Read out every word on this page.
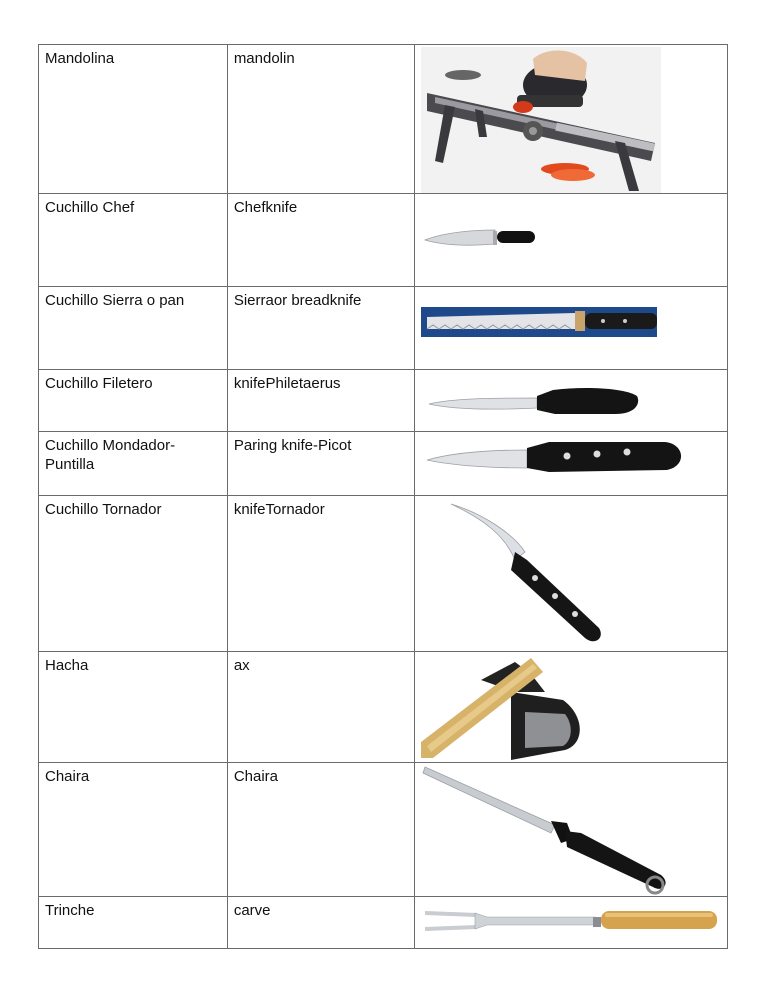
Mandolina	mandolin	

Cuchillo Chef	Chefknife	

Cuchillo Sierra o pan	Sierraor breadknife	

Cuchillo Filetero	knifePhiletaerus	

Cuchillo Mondador-Puntilla	Paring knife-Picot	

Cuchillo Tornador	knifeTornador	

Hacha	ax	

Chaira	Chaira	

Trinche	carve	
